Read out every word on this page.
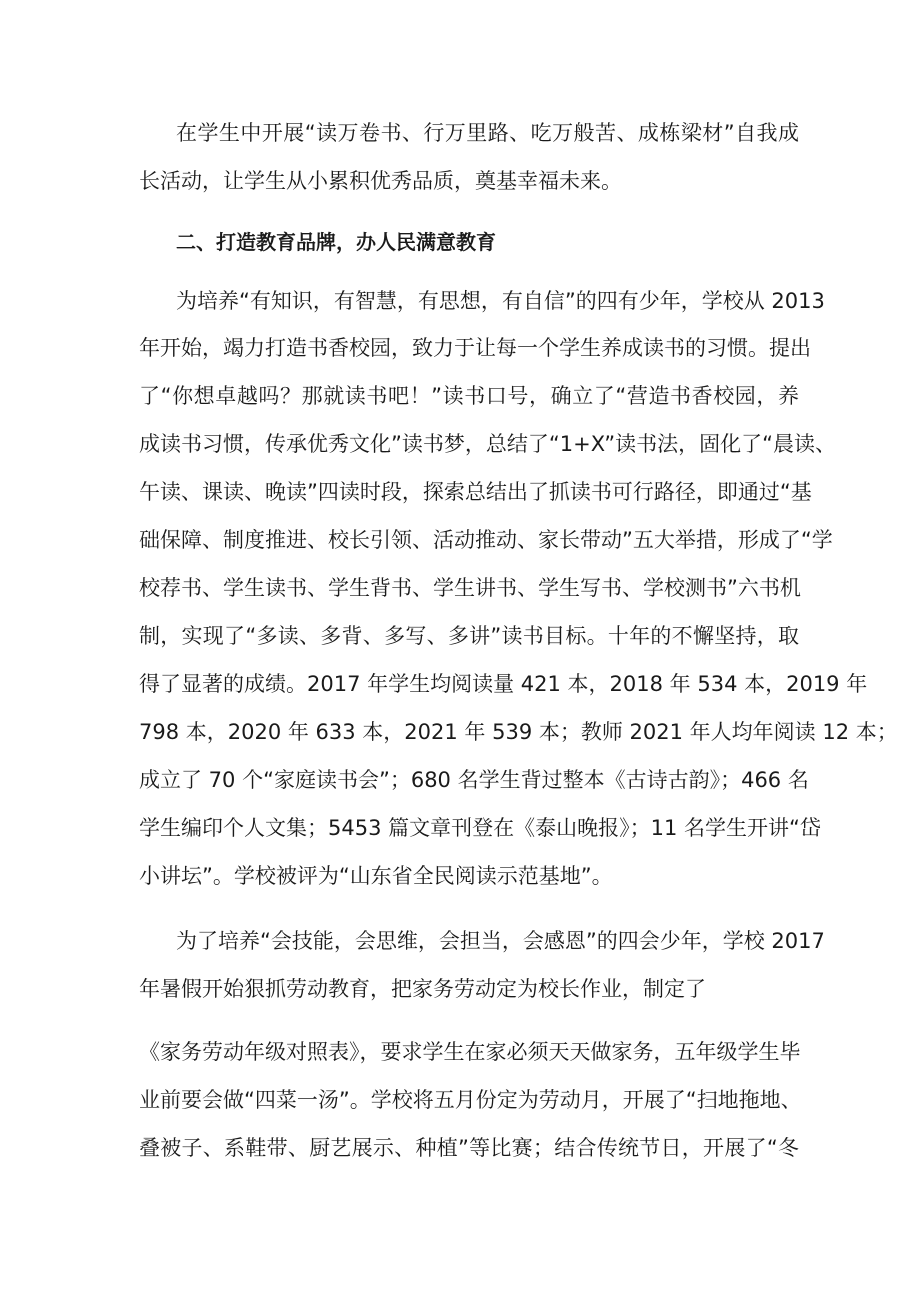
在学生中开展“读万卷书、行万里路、吃万般苦、成栋梁材”自我成
长活动，让学生从小累积优秀品质，奠基幸福未来。
二、打造教育品牌，办人民满意教育
为培养“有知识，有智慧，有思想，有自信”的四有少年，学校从 2013
年开始，竭力打造书香校园，致力于让每一个学生养成读书的习惯。提出
了“你想卓越吗？那就读书吧！”读书口号，确立了“营造书香校园，养
成读书习惯，传承优秀文化”读书梦，总结了“1+X”读书法，固化了“晨读、
午读、课读、晚读”四读时段，探索总结出了抓读书可行路径，即通过“基
础保障、制度推进、校长引领、活动推动、家长带动”五大举措，形成了“学
校荐书、学生读书、学生背书、学生讲书、学生写书、学校测书”六书机
制，实现了“多读、多背、多写、多讲”读书目标。十年的不懈坚持，取
得了显著的成绩。2017 年学生均阅读量 421 本，2018 年 534 本，2019 年
798 本，2020 年 633 本，2021 年 539 本；教师 2021 年人均年阅读 12 本；
成立了 70 个“家庭读书会”；680 名学生背过整本《古诗古韵》；466 名
学生编印个人文集；5453 篇文章刊登在《泰山晚报》；11 名学生开讲“岱
小讲坛”。学校被评为“山东省全民阅读示范基地”。
为了培养“会技能，会思维，会担当，会感恩”的四会少年，学校 2017
年暑假开始狠抓劳动教育，把家务劳动定为校长作业，制定了
《家务劳动年级对照表》，要求学生在家必须天天做家务，五年级学生毕
业前要会做“四菜一汤”。学校将五月份定为劳动月，开展了“扫地拖地、
叠被子、系鞋带、厨艺展示、种植”等比赛；结合传统节日，开展了“冬
